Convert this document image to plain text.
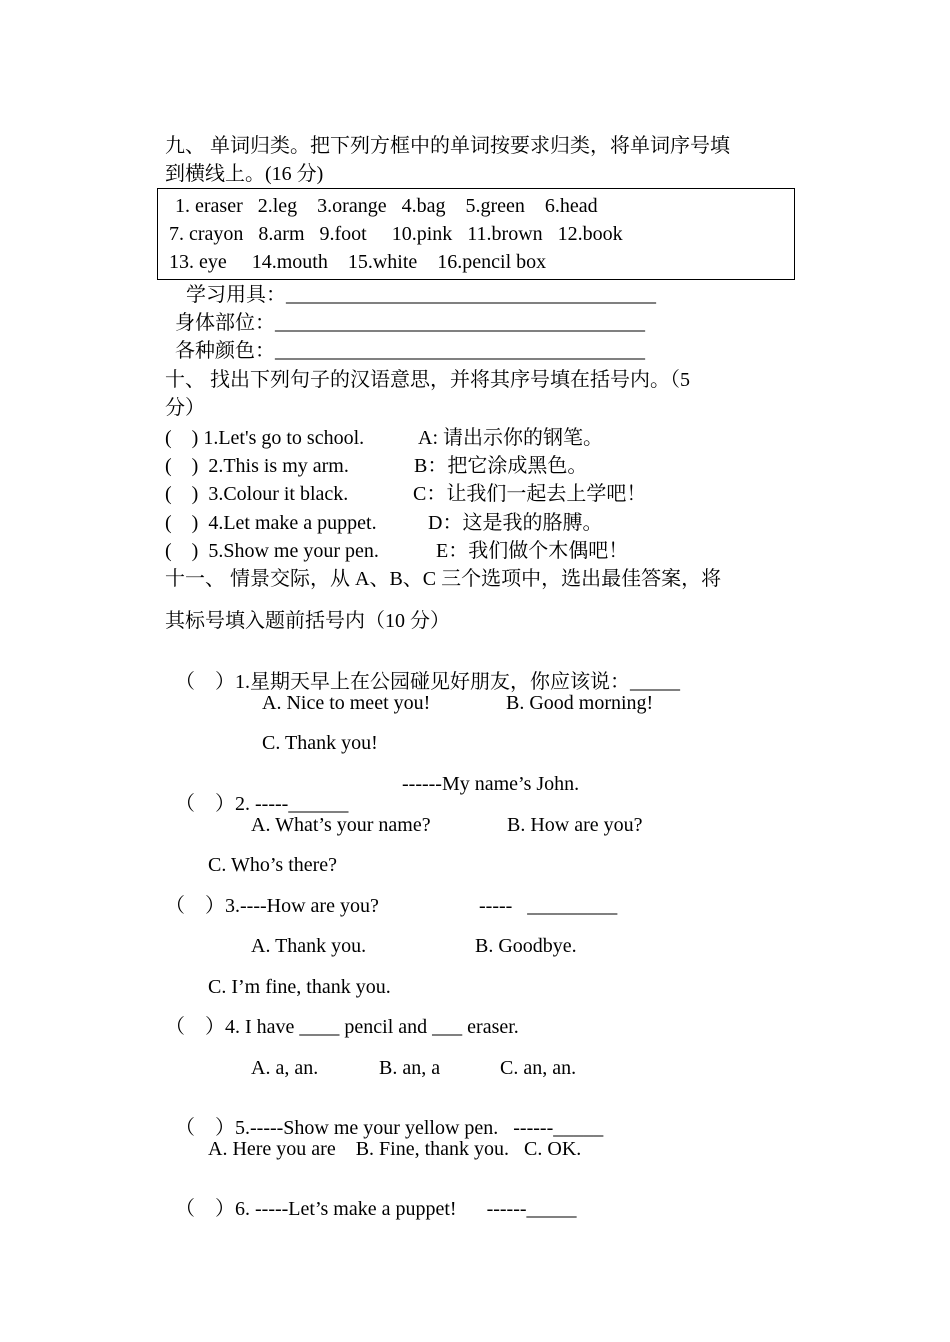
九、 单词归类。把下列方框中的单词按要求归类，将单词序号填
到横线上。(16 分)
1. eraser   2.leg    3.orange   4.bag    5.green    6.head
7. crayon   8.arm   9.foot     10.pink   11.brown   12.book
13. eye     14.mouth    15.white    16.pencil box
学习用具：_____________________________________
身体部位：_____________________________________
各种颜色：_____________________________________
十、 找出下列句子的汉语意思，并将其序号填在括号内。（5
分）
(    ) 1.Let's go to school.	A: 请出示你的钢笔。
(    )  2.This is my arm.	B：把它涂成黑色。
(    )  3.Colour it black.	C：让我们一起去上学吧！
(    )  4.Let make a puppet.	D：这是我的胳膊。
(    )  5.Show me your pen.	E：我们做个木偶吧！
十一、 情景交际，从 A、B、C 三个选项中，选出最佳答案，将
其标号填入题前括号内（10 分）

（    ）1.星期天早上在公园碰见好朋友，你应该说：_____

A. Nice to meet you!	B. Good morning!
C. Thank you!

（    ）2. -----______

------My name’s John.
A. What’s your name?	B. How are you?
C. Who’s there?
（    ）3.----How are you?	-----   _________
A. Thank you.	B. Goodbye.
C. I’m fine, thank you.
（    ）4. I have ____ pencil and ___ eraser.
A. a, an.	B. an, a	C. an, an.

（    ）5.-----Show me your yellow pen.   ------_____

A. Here you are    B. Fine, thank you.   C. OK.

（    ）6. -----Let’s make a puppet!      ------_____
